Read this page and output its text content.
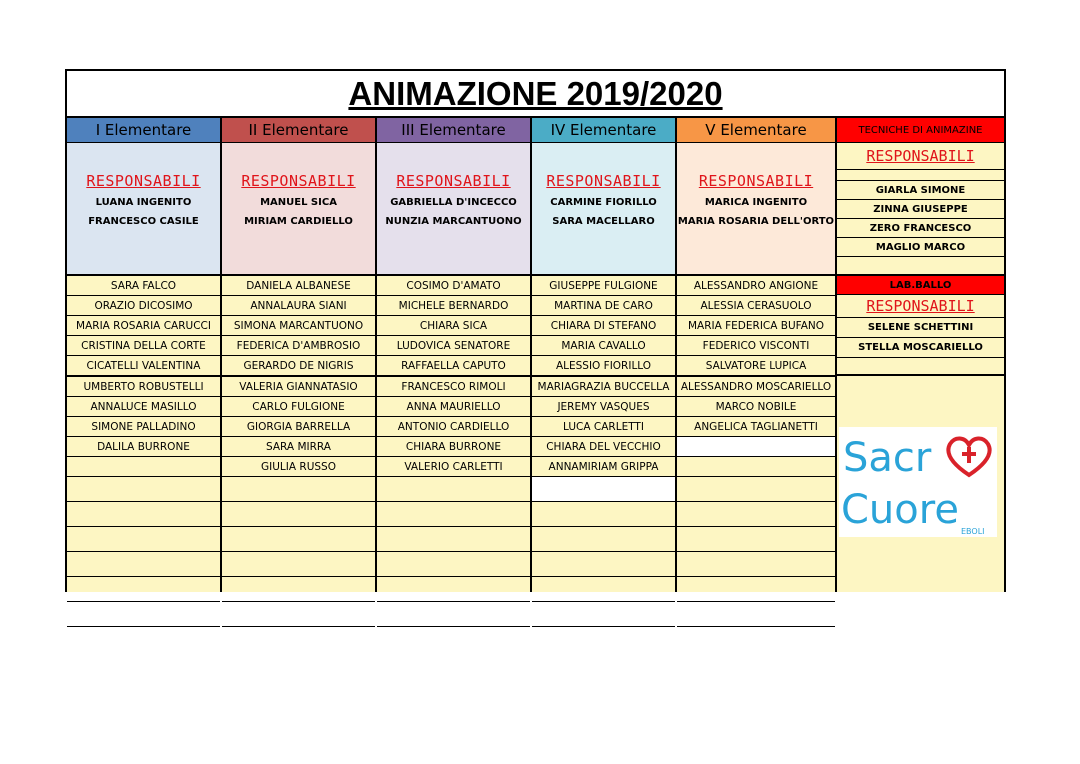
ANIMAZIONE 2019/2020
I Elementare
RESPONSABILI
LUANA INGENITO
FRANCESCO CASILE
SARA FALCO
ORAZIO DICOSIMO
MARIA ROSARIA CARUCCI
CRISTINA DELLA CORTE
CICATELLI VALENTINA
UMBERTO ROBUSTELLI
ANNALUCE MASILLO
SIMONE PALLADINO
DALILA BURRONE
II Elementare
RESPONSABILI
MANUEL SICA
MIRIAM CARDIELLO
DANIELA ALBANESE
ANNALAURA SIANI
SIMONA MARCANTUONO
FEDERICA D'AMBROSIO
GERARDO DE NIGRIS
VALERIA GIANNATASIO
CARLO FULGIONE
GIORGIA BARRELLA
SARA MIRRA
GIULIA RUSSO
III Elementare
RESPONSABILI
GABRIELLA D'INCECCO
NUNZIA MARCANTUONO
COSIMO D'AMATO
MICHELE BERNARDO
CHIARA SICA
LUDOVICA SENATORE
RAFFAELLA CAPUTO
FRANCESCO RIMOLI
ANNA MAURIELLO
ANTONIO CARDIELLO
CHIARA BURRONE
VALERIO CARLETTI
IV Elementare
RESPONSABILI
CARMINE FIORILLO
SARA MACELLARO
GIUSEPPE FULGIONE
MARTINA DE CARO
CHIARA DI STEFANO
MARIA CAVALLO
ALESSIO FIORILLO
MARIAGRAZIA BUCCELLA
JEREMY VASQUES
LUCA CARLETTI
CHIARA DEL VECCHIO
ANNAMIRIAM GRIPPA
V Elementare
RESPONSABILI
MARICA INGENITO
MARIA ROSARIA DELL'ORTO
ALESSANDRO ANGIONE
ALESSIA CERASUOLO
MARIA FEDERICA BUFANO
FEDERICO VISCONTI
SALVATORE LUPICA
ALESSANDRO MOSCARIELLO
MARCO NOBILE
ANGELICA TAGLIANETTI
TECNICHE DI ANIMAZINE
RESPONSABILI
GIARLA SIMONE
ZINNA GIUSEPPE
ZERO FRANCESCO
MAGLIO MARCO
LAB.BALLO
RESPONSABILI
SELENE SCHETTINI
STELLA MOSCARIELLO
Sacr
Cuore EBOLI
